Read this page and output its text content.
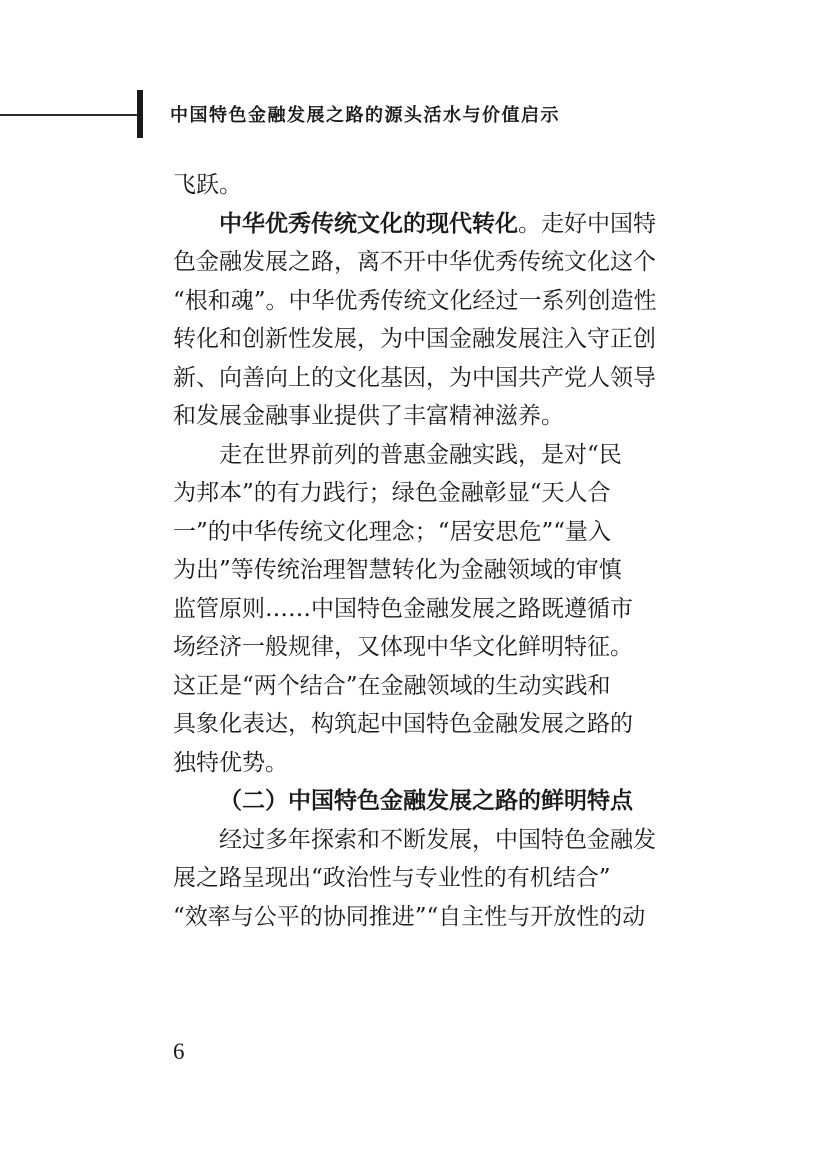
中国特色金融发展之路的源头活水与价值启示
飞跃。
中华优秀传统文化的现代转化。走好中国特
色金融发展之路，离不开中华优秀传统文化这个
“根和魂”。中华优秀传统文化经过一系列创造性
转化和创新性发展，为中国金融发展注入守正创
新、向善向上的文化基因，为中国共产党人领导
和发展金融事业提供了丰富精神滋养。
走在世界前列的普惠金融实践，是对“民
为邦本”的有力践行；绿色金融彰显“天人合
一”的中华传统文化理念；“居安思危”“量入
为出”等传统治理智慧转化为金融领域的审慎
监管原则……中国特色金融发展之路既遵循市
场经济一般规律，又体现中华文化鲜明特征。
这正是“两个结合”在金融领域的生动实践和
具象化表达，构筑起中国特色金融发展之路的
独特优势。
（二）中国特色金融发展之路的鲜明特点
经过多年探索和不断发展，中国特色金融发
展之路呈现出“政治性与专业性的有机结合”
“效率与公平的协同推进”“自主性与开放性的动
6
